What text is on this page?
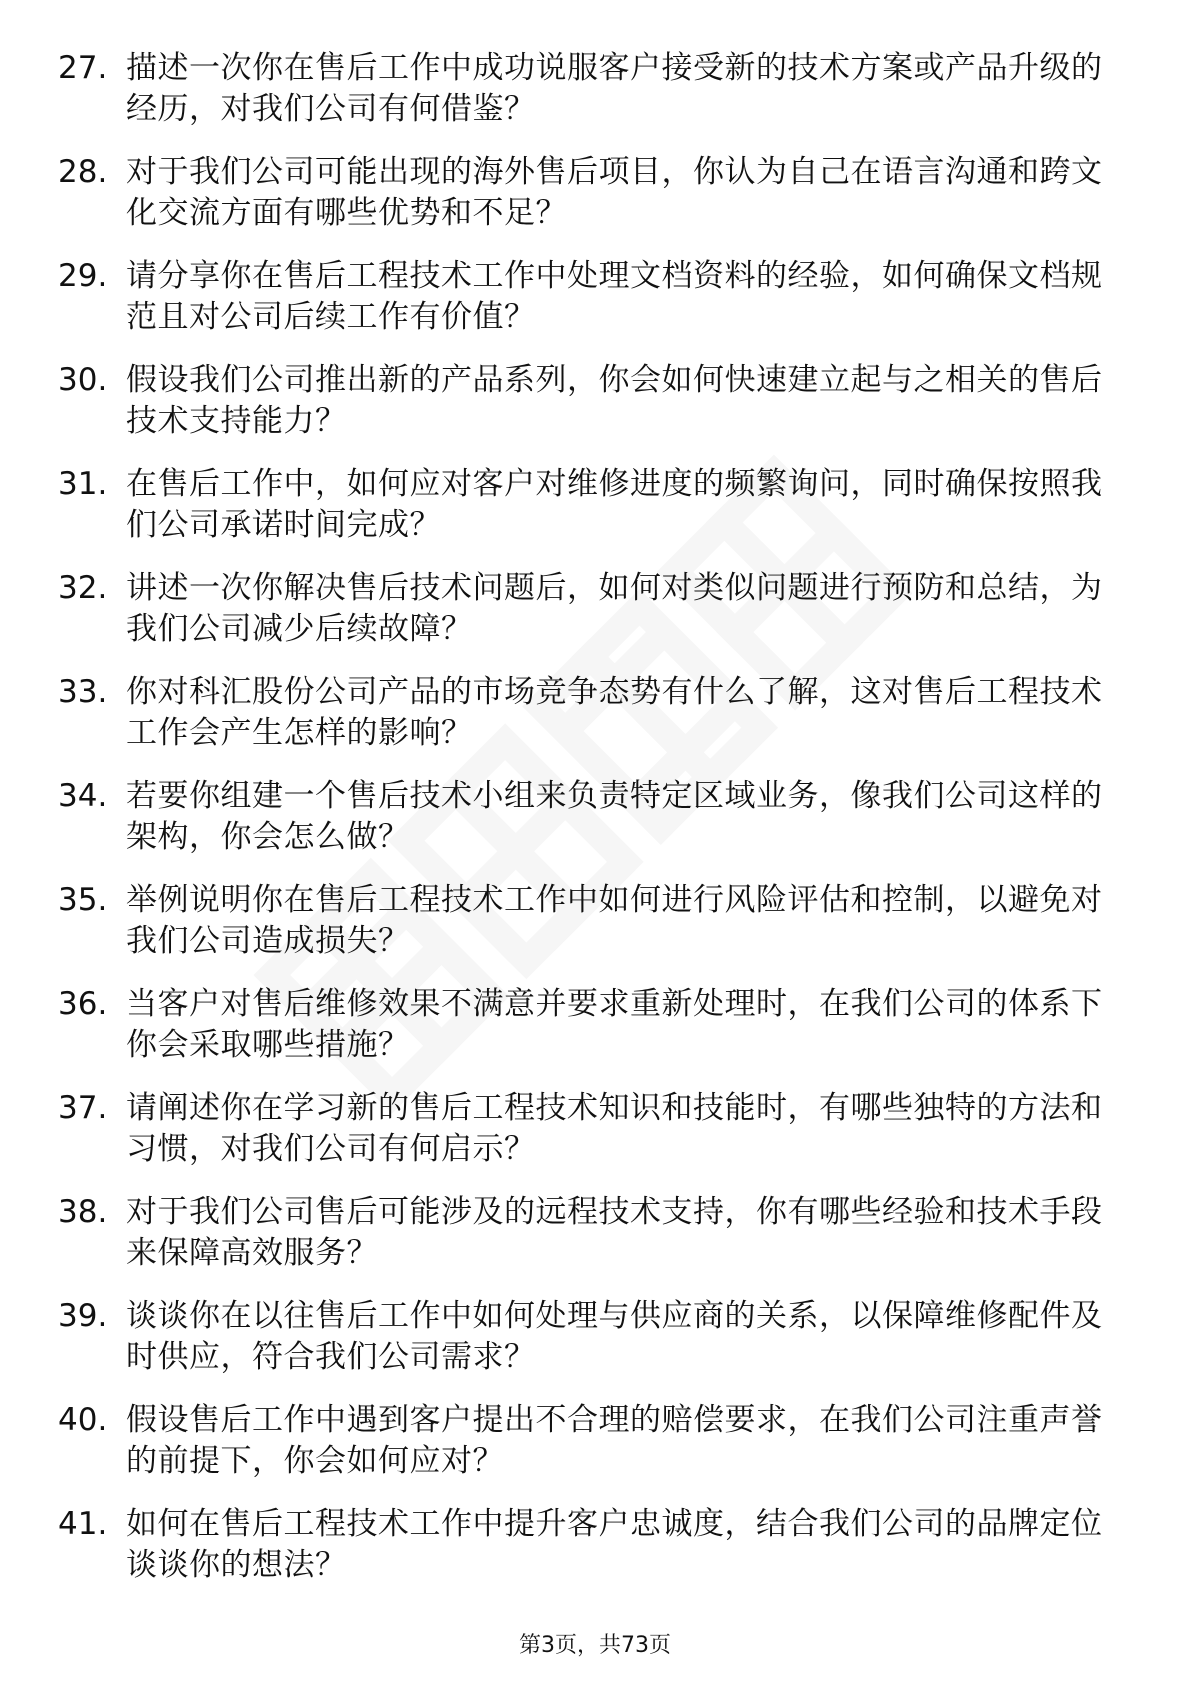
27. 描述一次你在售后工作中成功说服客户接受新的技术方案或产品升级的经历，对我们公司有何借鉴？
28. 对于我们公司可能出现的海外售后项目，你认为自己在语言沟通和跨文化交流方面有哪些优势和不足？
29. 请分享你在售后工程技术工作中处理文档资料的经验，如何确保文档规范且对公司后续工作有价值？
30. 假设我们公司推出新的产品系列，你会如何快速建立起与之相关的售后技术支持能力？
31. 在售后工作中，如何应对客户对维修进度的频繁询问，同时确保按照我们公司承诺时间完成？
32. 讲述一次你解决售后技术问题后，如何对类似问题进行预防和总结，为我们公司减少后续故障？
33. 你对科汇股份公司产品的市场竞争态势有什么了解，这对售后工程技术工作会产生怎样的影响？
34. 若要你组建一个售后技术小组来负责特定区域业务，像我们公司这样的架构，你会怎么做？
35. 举例说明你在售后工程技术工作中如何进行风险评估和控制，以避免对我们公司造成损失？
36. 当客户对售后维修效果不满意并要求重新处理时，在我们公司的体系下你会采取哪些措施？
37. 请阐述你在学习新的售后工程技术知识和技能时，有哪些独特的方法和习惯，对我们公司有何启示？
38. 对于我们公司售后可能涉及的远程技术支持，你有哪些经验和技术手段来保障高效服务？
39. 谈谈你在以往售后工作中如何处理与供应商的关系，以保障维修配件及时供应，符合我们公司需求？
40. 假设售后工作中遇到客户提出不合理的赔偿要求，在我们公司注重声誉的前提下，你会如何应对？
41. 如何在售后工程技术工作中提升客户忠诚度，结合我们公司的品牌定位谈谈你的想法？
第3页，共73页
